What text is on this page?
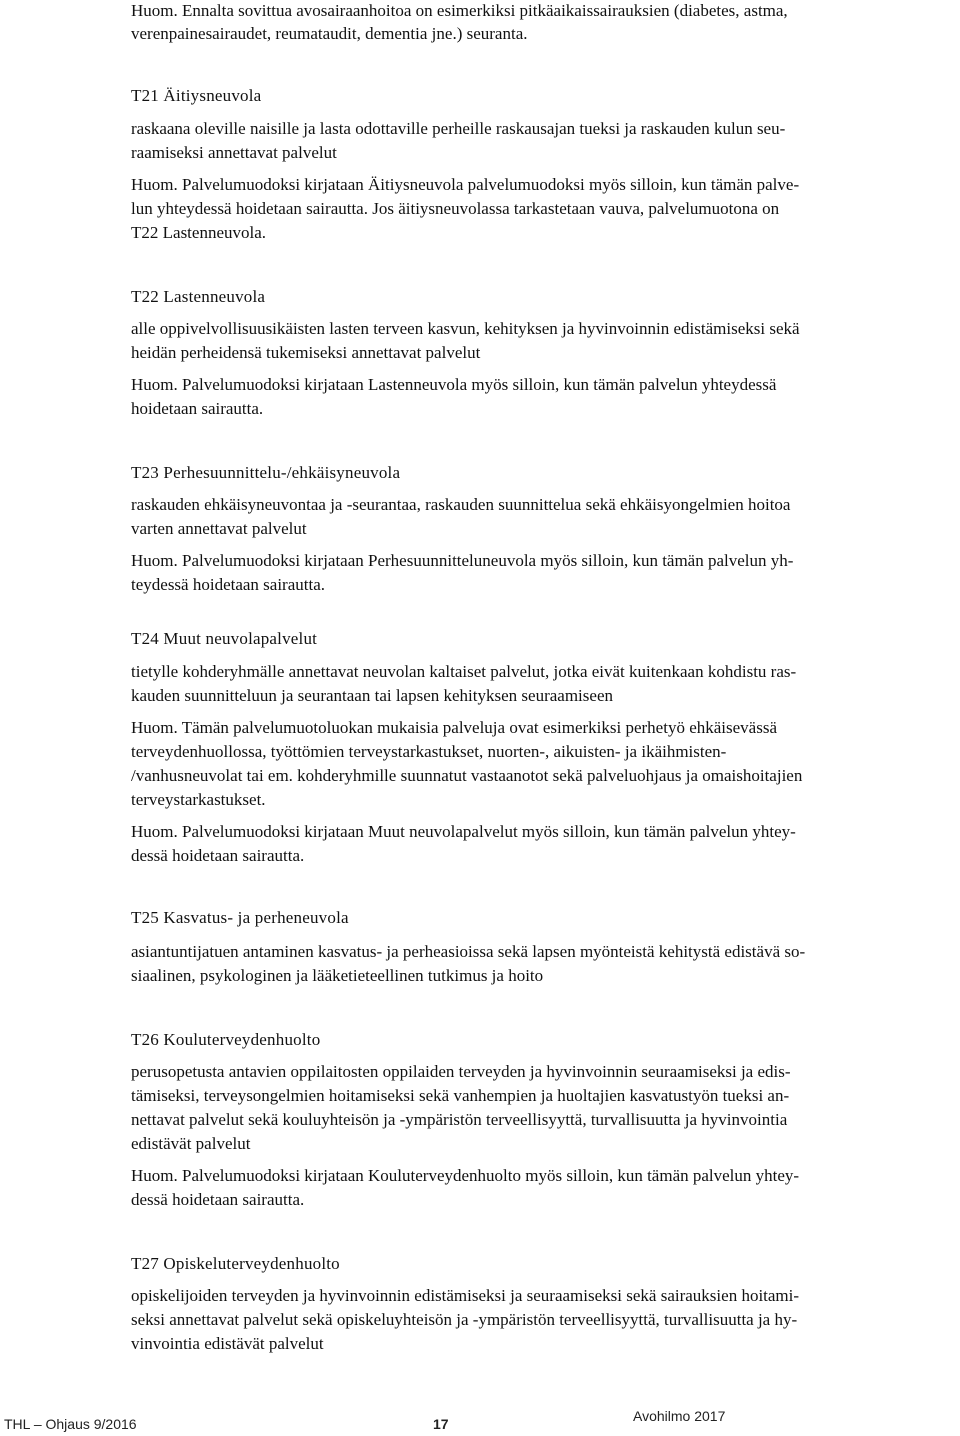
Huom. Ennalta sovittua avosairaanhoitoa on esimerkiksi pitkäaikaissairauksien (diabetes, astma,
verenpainesairaudet, reumataudit, dementia jne.) seuranta.
T21 Äitiysneuvola
raskaana oleville naisille ja lasta odottaville perheille raskausajan tueksi ja raskauden kulun seu-
raamiseksi annettavat palvelut
Huom. Palvelumuodoksi kirjataan Äitiysneuvola palvelumuodoksi myös silloin, kun tämän palve-
lun yhteydessä hoidetaan sairautta. Jos äitiysneuvolassa tarkastetaan vauva, palvelumuotona on
T22 Lastenneuvola.
T22 Lastenneuvola
alle oppivelvollisuusikäisten lasten terveen kasvun, kehityksen ja hyvinvoinnin edistämiseksi sekä
heidän perheidensä tukemiseksi annettavat palvelut
Huom. Palvelumuodoksi kirjataan Lastenneuvola myös silloin, kun tämän palvelun yhteydessä
hoidetaan sairautta.
T23 Perhesuunnittelu-/ehkäisyneuvola
raskauden ehkäisyneuvontaa ja -seurantaa, raskauden suunnittelua sekä ehkäisyongelmien hoitoa
varten annettavat palvelut
Huom. Palvelumuodoksi kirjataan Perhesuunnitteluneuvola myös silloin, kun tämän palvelun yh-
teydessä hoidetaan sairautta.
T24 Muut neuvolapalvelut
tietylle kohderyhmälle annettavat neuvolan kaltaiset palvelut, jotka eivät kuitenkaan kohdistu ras-
kauden suunnitteluun ja seurantaan tai lapsen kehityksen seuraamiseen
Huom. Tämän palvelumuotoluokan mukaisia palveluja ovat esimerkiksi perhetyö ehkäisevässä
terveydenhuollossa, työttömien terveystarkastukset, nuorten-, aikuisten- ja ikäihmisten-
/vanhusneuvolat tai em. kohderyhmille suunnatut vastaanotot sekä palveluohjaus ja omaishoitajien
terveystarkastukset.
Huom. Palvelumuodoksi kirjataan Muut neuvolapalvelut myös silloin, kun tämän palvelun yhtey-
dessä hoidetaan sairautta.
T25 Kasvatus- ja perheneuvola
asiantuntijatuen antaminen kasvatus- ja perheasioissa sekä lapsen myönteistä kehitystä edistävä so-
siaalinen, psykologinen ja lääketieteellinen tutkimus ja hoito
T26 Kouluterveydenhuolto
perusopetusta antavien oppilaitosten oppilaiden terveyden ja hyvinvoinnin seuraamiseksi ja edis-
tämiseksi, terveysongelmien hoitamiseksi sekä vanhempien ja huoltajien kasvatustyön tueksi an-
nettavat palvelut sekä kouluyhteisön ja -ympäristön terveellisyyttä, turvallisuutta ja hyvinvointia
edistävät palvelut
Huom. Palvelumuodoksi kirjataan Kouluterveydenhuolto myös silloin, kun tämän palvelun yhtey-
dessä hoidetaan sairautta.
T27 Opiskeluterveydenhuolto
opiskelijoiden terveyden ja hyvinvoinnin edistämiseksi ja seuraamiseksi sekä sairauksien hoitami-
seksi annettavat palvelut sekä opiskeluyhteisön ja -ympäristön terveellisyyttä, turvallisuutta ja hy-
vinvointia edistävät palvelut
THL – Ohjaus 9/2016	17	Avohilmo 2017
